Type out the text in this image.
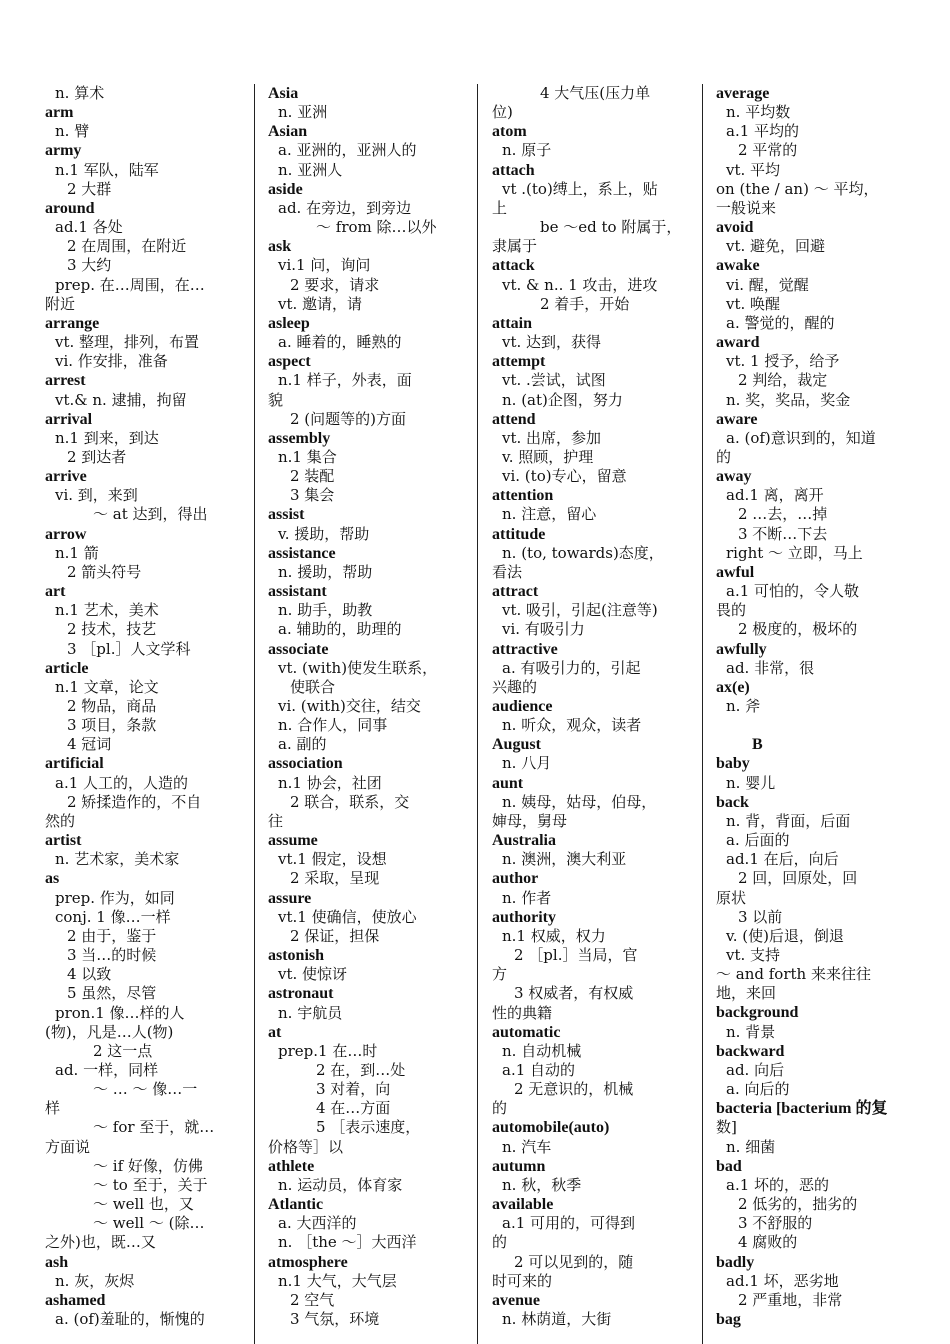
n. 算术
arm
n. 臂
army
n.1 军队，陆军
2 大群
around
ad.1 各处
2 在周围，在附近
3 大约
prep. 在…周围，在…
附近
arrange
vt. 整理，排列，布置
vi. 作安排，准备
arrest
vt.& n. 逮捕，拘留
arrival
n.1 到来，到达
2 到达者
arrive
vi. 到，来到
～ at 达到，得出
arrow
n.1 箭
2 箭头符号
art
n.1 艺术，美术
2 技术，技艺
3 ［pl.］人文学科
article
n.1 文章，论文
2 物品，商品
3 项目，条款
4 冠词
artificial
a.1 人工的，人造的
2 矫揉造作的，不自
然的
artist
n. 艺术家，美术家
as
prep. 作为，如同
conj. 1 像…一样
2 由于，鉴于
3 当…的时候
4 以致
5 虽然，尽管
pron.1 像…样的人
(物)，凡是…人(物)
2 这一点
ad. 一样，同样
～ … ～ 像…一
样
～ for 至于，就…
方面说
～ if 好像，仿佛
～ to 至于，关于
～ well 也，又
～ well ～ (除…
之外)也，既…又
ash
n. 灰，灰烬
ashamed
a. (of)羞耻的，惭愧的
Asia
n. 亚洲
Asian
a. 亚洲的，亚洲人的
n. 亚洲人
aside
ad. 在旁边，到旁边
～ from 除…以外
ask
vi.1 问，询问
2 要求，请求
vt. 邀请，请
asleep
a. 睡着的，睡熟的
aspect
n.1 样子，外表，面
貌
2 (问题等的)方面
assembly
n.1 集合
2 装配
3 集会
assist
v. 援助，帮助
assistance
n. 援助，帮助
assistant
n. 助手，助教
a. 辅助的，助理的
associate
vt. (with)使发生联系，
使联合
vi. (with)交往，结交
n. 合作人，同事
a. 副的
association
n.1 协会，社团
2 联合，联系，交
往
assume
vt.1 假定，设想
2 采取，呈现
assure
vt.1 使确信，使放心
2 保证，担保
astonish
vt. 使惊讶
astronaut
n. 宇航员
at
prep.1 在…时
2 在，到…处
3 对着，向
4 在…方面
5 ［表示速度，
价格等］以
athlete
n. 运动员，体育家
Atlantic
a. 大西洋的
n. ［the ～］大西洋
atmosphere
n.1 大气，大气层
2 空气
3 气氛，环境
4 大气压(压力单
位)
atom
n. 原子
attach
vt .(to)缚上，系上，贴
上
be ～ed to 附属于，
隶属于
attack
vt. & n.. 1 攻击，进攻
2 着手，开始
attain
vt. 达到，获得
attempt
vt. .尝试，试图
n. (at)企图，努力
attend
vt. 出席，参加
v. 照顾，护理
vi. (to)专心，留意
attention
n. 注意，留心
attitude
n. (to, towards)态度，
看法
attract
vt. 吸引，引起(注意等)
vi. 有吸引力
attractive
a. 有吸引力的，引起
兴趣的
audience
n. 听众，观众，读者
August
n. 八月
aunt
n. 姨母，姑母，伯母，
婶母，舅母
Australia
n. 澳洲，澳大利亚
author
n. 作者
authority
n.1 权威，权力
2 ［pl.］当局，官
方
3 权威者，有权威
性的典籍
automatic
n. 自动机械
a.1 自动的
2 无意识的，机械
的
automobile(auto)
n. 汽车
autumn
n. 秋，秋季
available
a.1 可用的，可得到
的
2 可以见到的，随
时可来的
avenue
n. 林荫道，大街
average
n. 平均数
a.1 平均的
2 平常的
vt. 平均
on (the / an) ～ 平均，
一般说来
avoid
vt. 避免，回避
awake
vi. 醒，觉醒
vt. 唤醒
a. 警觉的，醒的
award
vt. 1 授予，给予
2 判给，裁定
n. 奖，奖品，奖金
aware
a. (of)意识到的，知道
的
away
ad.1 离，离开
2 …去，…掉
3 不断…下去
right ～ 立即，马上
awful
a.1 可怕的，令人敬
畏的
2 极度的，极坏的
awfully
ad. 非常，很
ax(e)
n. 斧
B
baby
n. 婴儿
back
n. 背，背面，后面
a. 后面的
ad.1 在后，向后
2 回，回原处，回
原状
3 以前
v. (使)后退，倒退
vt. 支持
～ and forth 来来往往
地，来回
background
n. 背景
backward
ad. 向后
a. 向后的
bacteria [bacterium 的复
数]
n. 细菌
bad
a.1 坏的，恶的
2 低劣的，拙劣的
3 不舒服的
4 腐败的
badly
ad.1 坏，恶劣地
2 严重地，非常
bag
